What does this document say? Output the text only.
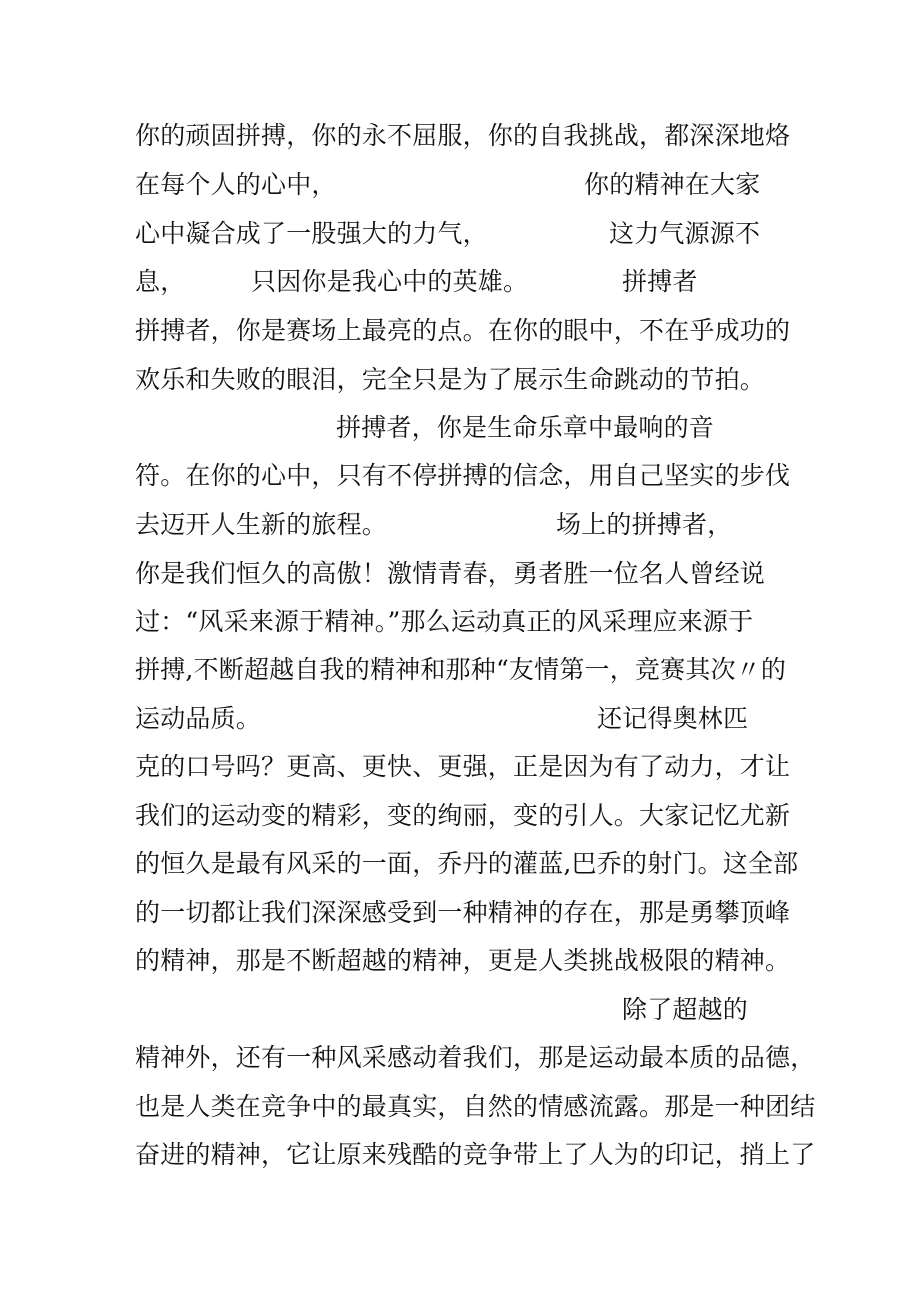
你的顽固拼搏，你的永不屈服，你的自我挑战，都深深地烙
在每个人的心中，	你的精神在大家
心中凝合成了一股强大的力气，	这力气源源不
息，	只因你是我心中的英雄。	拼搏者
拼搏者，你是赛场上最亮的点。在你的眼中，不在乎成功的
欢乐和失败的眼泪，完全只是为了展示生命跳动的节拍。
拼搏者，你是生命乐章中最响的音
符。在你的心中，只有不停拼搏的信念，用自己坚实的步伐
去迈开人生新的旅程。	场上的拼搏者，
你是我们恒久的高傲！激情青春，勇者胜一位名人曾经说
过：“风采来源于精神。”那么运动真正的风采理应来源于
拼搏,不断超越自我的精神和那种“友情第一，竞赛其次〃的
运动品质。	还记得奥林匹
克的口号吗？更高、更快、更强，正是因为有了动力，才让
我们的运动变的精彩，变的绚丽，变的引人。大家记忆尤新
的恒久是最有风采的一面，乔丹的灌蓝,巴乔的射门。这全部
的一切都让我们深深感受到一种精神的存在，那是勇攀顶峰
的精神，那是不断超越的精神，更是人类挑战极限的精神。
除了超越的
精神外，还有一种风采感动着我们，那是运动最本质的品德，
也是人类在竞争中的最真实，自然的情感流露。那是一种团结
奋进的精神，它让原来残酷的竞争带上了人为的印记，捎上了
